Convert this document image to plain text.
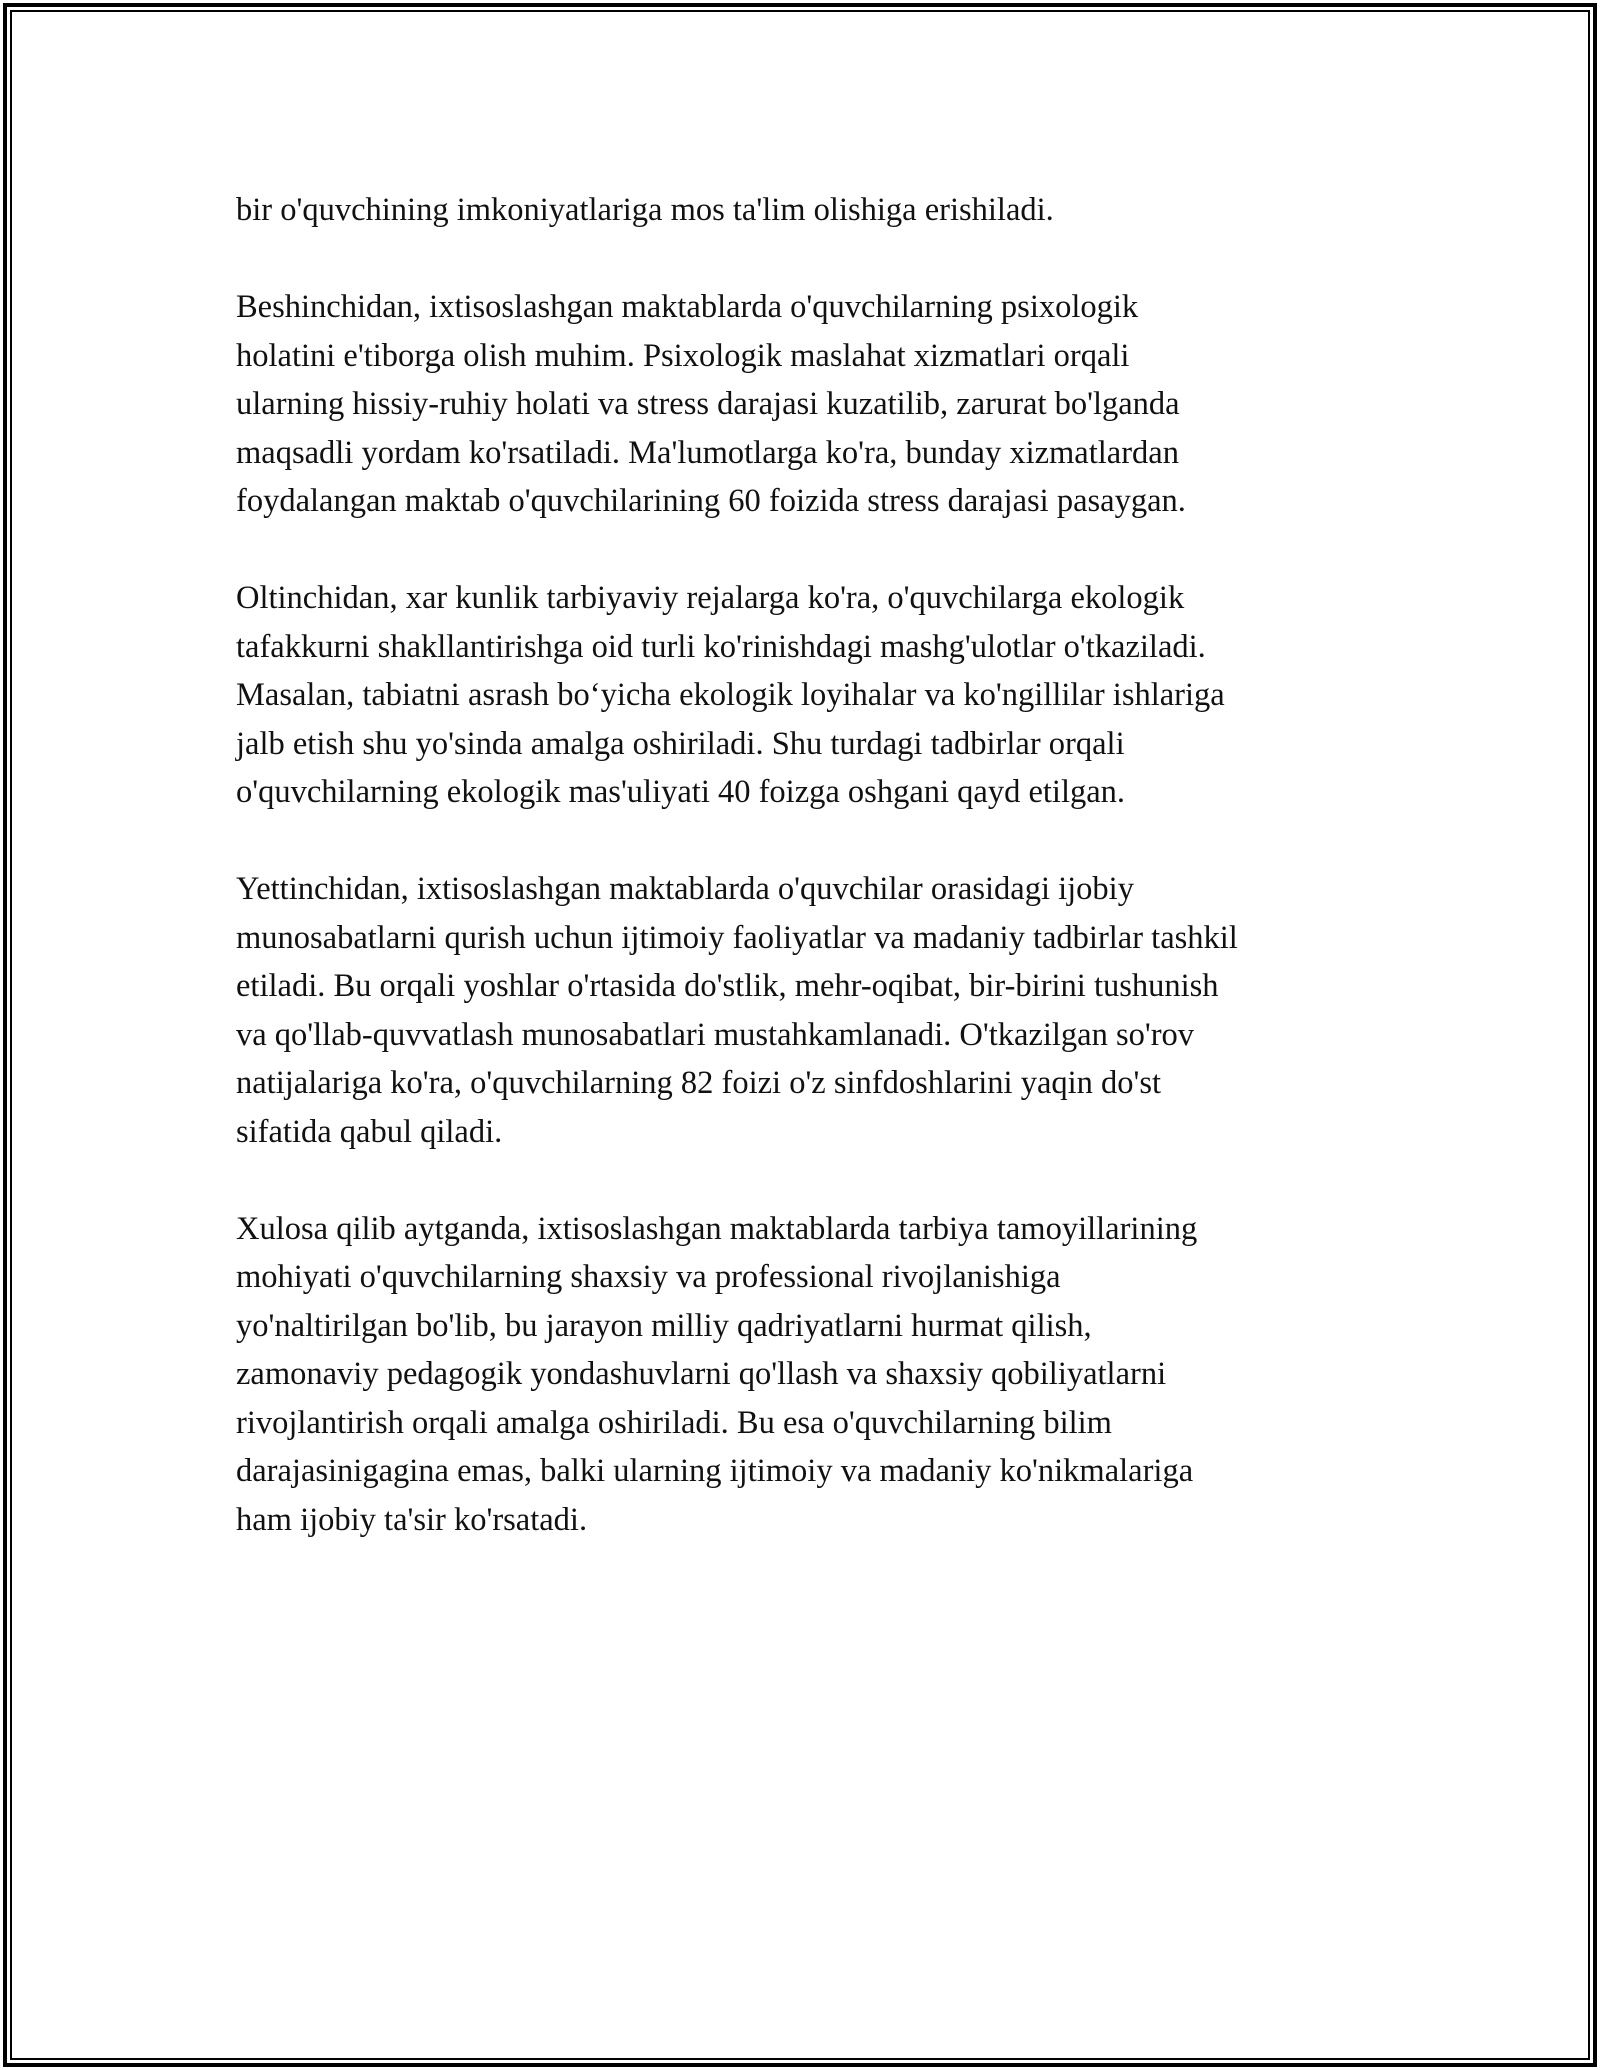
bir o'quvchining imkoniyatlariga mos ta'lim olishiga erishiladi.
Beshinchidan, ixtisoslashgan maktablarda o'quvchilarning psixologik
holatini e'tiborga olish muhim. Psixologik maslahat xizmatlari orqali
ularning hissiy-ruhiy holati va stress darajasi kuzatilib, zarurat bo'lganda
maqsadli yordam ko'rsatiladi. Ma'lumotlarga ko'ra, bunday xizmatlardan
foydalangan maktab o'quvchilarining 60 foizida stress darajasi pasaygan.
Oltinchidan, xar kunlik tarbiyaviy rejalarga ko'ra, o'quvchilarga ekologik
tafakkurni shakllantirishga oid turli ko'rinishdagi mashg'ulotlar o'tkaziladi.
Masalan, tabiatni asrash bo‘yicha ekologik loyihalar va ko'ngillilar ishlariga
jalb etish shu yo'sinda amalga oshiriladi. Shu turdagi tadbirlar orqali
o'quvchilarning ekologik mas'uliyati 40 foizga oshgani qayd etilgan.
Yettinchidan, ixtisoslashgan maktablarda o'quvchilar orasidagi ijobiy
munosabatlarni qurish uchun ijtimoiy faoliyatlar va madaniy tadbirlar tashkil
etiladi. Bu orqali yoshlar o'rtasida do'stlik, mehr-oqibat, bir-birini tushunish
va qo'llab-quvvatlash munosabatlari mustahkamlanadi. O'tkazilgan so'rov
natijalariga ko'ra, o'quvchilarning 82 foizi o'z sinfdoshlarini yaqin do'st
sifatida qabul qiladi.
Xulosa qilib aytganda, ixtisoslashgan maktablarda tarbiya tamoyillarining
mohiyati o'quvchilarning shaxsiy va professional rivojlanishiga
yo'naltirilgan bo'lib, bu jarayon milliy qadriyatlarni hurmat qilish,
zamonaviy pedagogik yondashuvlarni qo'llash va shaxsiy qobiliyatlarni
rivojlantirish orqali amalga oshiriladi. Bu esa o'quvchilarning bilim
darajasinigagina emas, balki ularning ijtimoiy va madaniy ko'nikmalariga
ham ijobiy ta'sir ko'rsatadi.
